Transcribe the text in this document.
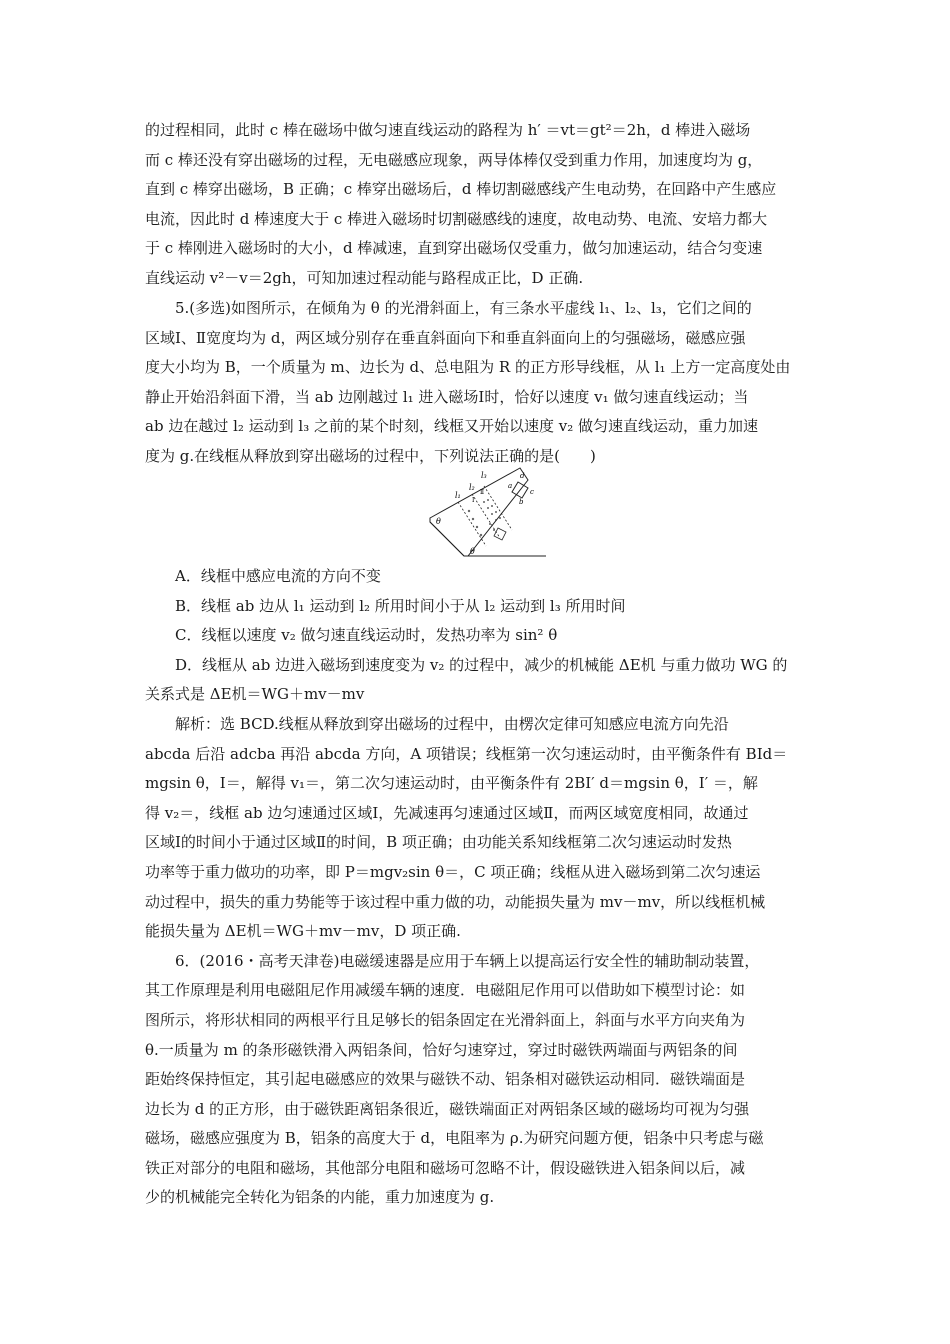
的过程相同，此时 c 棒在磁场中做匀速直线运动的路程为 h′ ＝vt＝gt²＝2h，d 棒进入磁场
而 c 棒还没有穿出磁场的过程，无电磁感应现象，两导体棒仅受到重力作用，加速度均为 g，
直到 c 棒穿出磁场，B 正确；c 棒穿出磁场后，d 棒切割磁感线产生电动势，在回路中产生感应
电流，因此时 d 棒速度大于 c 棒进入磁场时切割磁感线的速度，故电动势、电流、安培力都大
于 c 棒刚进入磁场时的大小，d 棒减速，直到穿出磁场仅受重力，做匀加速运动，结合匀变速
直线运动 v²－v＝2gh，可知加速过程动能与路程成正比，D 正确.
　　5.(多选)如图所示，在倾角为 θ 的光滑斜面上，有三条水平虚线 l₁、l₂、l₃，它们之间的
区域Ⅰ、Ⅱ宽度均为 d，两区域分别存在垂直斜面向下和垂直斜面向上的匀强磁场，磁感应强
度大小均为 B，一个质量为 m、边长为 d、总电阻为 R 的正方形导线框，从 l₁ 上方一定高度处由
静止开始沿斜面下滑，当 ab 边刚越过 l₁ 进入磁场Ⅰ时，恰好以速度 v₁ 做匀速直线运动；当
ab 边在越过 l₂ 运动到 l₃ 之前的某个时刻，线框又开始以速度 v₂ 做匀速直线运动，重力加速
度为 g.在线框从释放到穿出磁场的过程中，下列说法正确的是(　　)
l₁
l₂
l₃
Ⅰ
Ⅱ
a
b
c
d
θ
θ
　　A．线框中感应电流的方向不变
　　B．线框 ab 边从 l₁ 运动到 l₂ 所用时间小于从 l₂ 运动到 l₃ 所用时间
　　C．线框以速度 v₂ 做匀速直线运动时，发热功率为 sin² θ
　　D．线框从 ab 边进入磁场到速度变为 v₂ 的过程中，减少的机械能 ΔE机 与重力做功 WG 的
关系式是 ΔE机＝WG＋mv－mv
　　解析：选 BCD.线框从释放到穿出磁场的过程中，由楞次定律可知感应电流方向先沿
abcda 后沿 adcba 再沿 abcda 方向，A 项错误；线框第一次匀速运动时，由平衡条件有 BId＝
mgsin θ，I＝，解得 v₁＝，第二次匀速运动时，由平衡条件有 2BI′ d＝mgsin θ，I′ ＝，解
得 v₂＝，线框 ab 边匀速通过区域Ⅰ，先减速再匀速通过区域Ⅱ，而两区域宽度相同，故通过
区域Ⅰ的时间小于通过区域Ⅱ的时间，B 项正确；由功能关系知线框第二次匀速运动时发热
功率等于重力做功的功率，即 P＝mgv₂sin θ＝，C 项正确；线框从进入磁场到第二次匀速运
动过程中，损失的重力势能等于该过程中重力做的功，动能损失量为 mv－mv，所以线框机械
能损失量为 ΔE机＝WG＋mv－mv，D 项正确.
　　6．(2016・高考天津卷)电磁缓速器是应用于车辆上以提高运行安全性的辅助制动装置，
其工作原理是利用电磁阻尼作用减缓车辆的速度．电磁阻尼作用可以借助如下模型讨论：如
图所示，将形状相同的两根平行且足够长的铝条固定在光滑斜面上，斜面与水平方向夹角为
θ.一质量为 m 的条形磁铁滑入两铝条间，恰好匀速穿过，穿过时磁铁两端面与两铝条的间
距始终保持恒定，其引起电磁感应的效果与磁铁不动、铝条相对磁铁运动相同．磁铁端面是
边长为 d 的正方形，由于磁铁距离铝条很近，磁铁端面正对两铝条区域的磁场均可视为匀强
磁场，磁感应强度为 B，铝条的高度大于 d，电阻率为 ρ.为研究问题方便，铝条中只考虑与磁
铁正对部分的电阻和磁场，其他部分电阻和磁场可忽略不计，假设磁铁进入铝条间以后，减
少的机械能完全转化为铝条的内能，重力加速度为 g.
